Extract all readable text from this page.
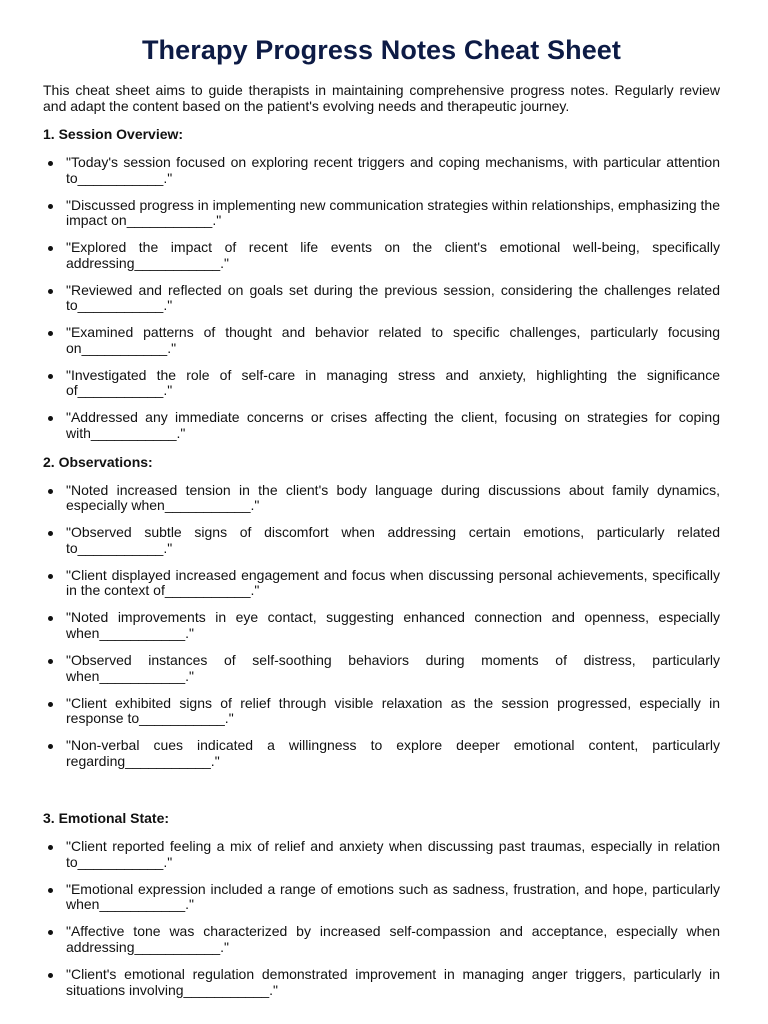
Therapy Progress Notes Cheat Sheet

This cheat sheet aims to guide therapists in maintaining comprehensive progress notes. Regularly review and adapt the content based on the patient's evolving needs and therapeutic journey.

1. Session Overview:
"Today's session focused on exploring recent triggers and coping mechanisms, with particular attention to___________."
"Discussed progress in implementing new communication strategies within relationships, emphasizing the impact on___________."
"Explored the impact of recent life events on the client's emotional well-being, specifically addressing___________."
"Reviewed and reflected on goals set during the previous session, considering the challenges related to___________."
"Examined patterns of thought and behavior related to specific challenges, particularly focusing on___________."
"Investigated the role of self-care in managing stress and anxiety, highlighting the significance of___________."
"Addressed any immediate concerns or crises affecting the client, focusing on strategies for coping with___________."
2. Observations:
"Noted increased tension in the client's body language during discussions about family dynamics, especially when___________."
"Observed subtle signs of discomfort when addressing certain emotions, particularly related to___________."
"Client displayed increased engagement and focus when discussing personal achievements, specifically in the context of___________."
"Noted improvements in eye contact, suggesting enhanced connection and openness, especially when___________."
"Observed instances of self-soothing behaviors during moments of distress, particularly when___________."
"Client exhibited signs of relief through visible relaxation as the session progressed, especially in response to___________."
"Non-verbal cues indicated a willingness to explore deeper emotional content, particularly regarding___________."
3. Emotional State:
"Client reported feeling a mix of relief and anxiety when discussing past traumas, especially in relation to___________."
"Emotional expression included a range of emotions such as sadness, frustration, and hope, particularly when___________."
"Affective tone was characterized by increased self-compassion and acceptance, especially when addressing___________."
"Client's emotional regulation demonstrated improvement in managing anger triggers, particularly in situations involving___________."
